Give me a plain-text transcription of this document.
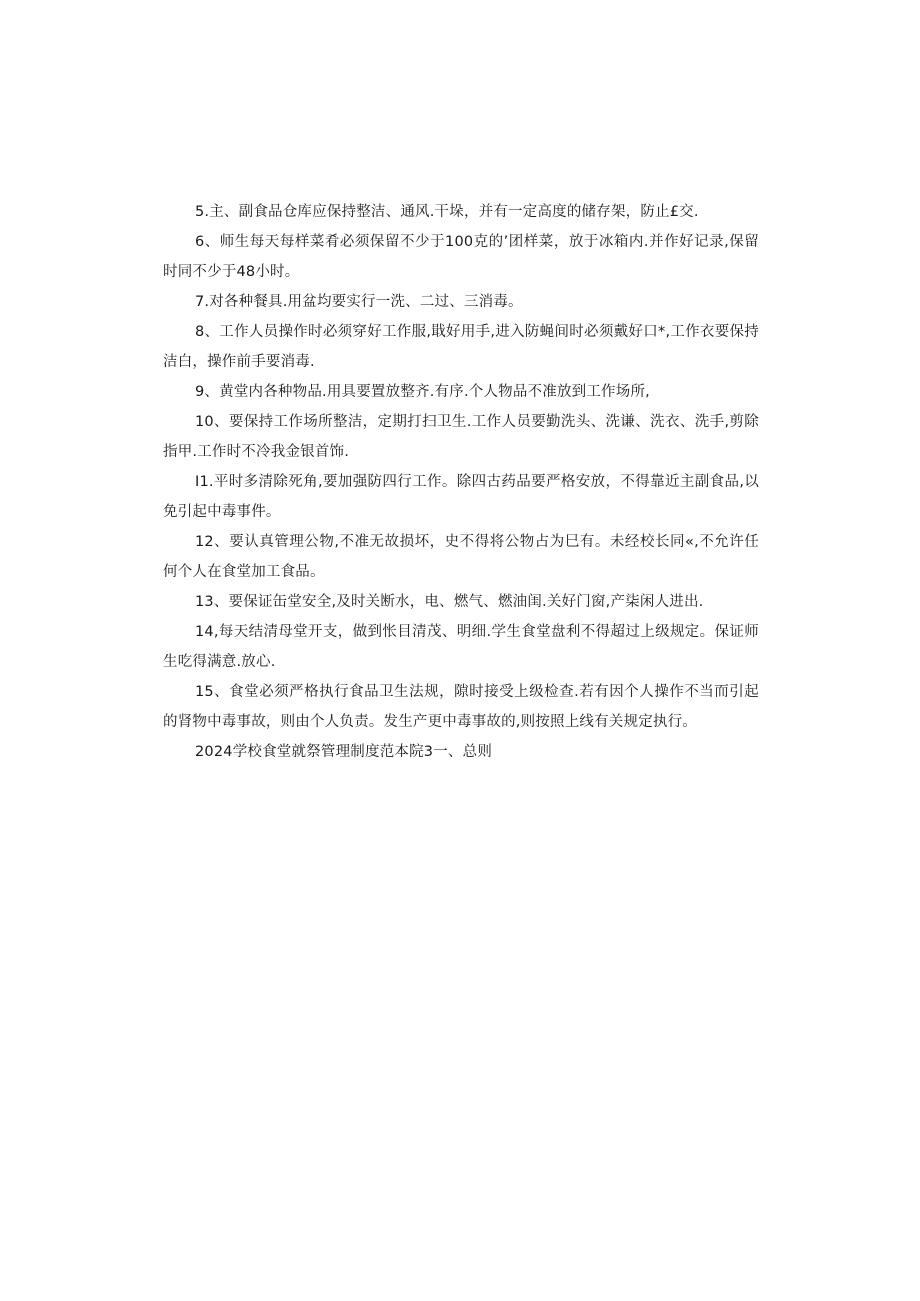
5.主、副食品仓库应保持整洁、通风.干垛，并有一定高度的储存架，防止£交.

6、师生每天每样菜肴必须保留不少于100克的’团样菜，放于冰箱内.并作好记录,保留时同不少于48小时。

7.对各种餐具.用盆均要实行一洗、二过、三消毒。

8、工作人员操作时必须穿好工作服,戢好用手,进入防蝇间时必须戴好口*,工作衣要保持洁白，操作前手要消毒.

9、黄堂内各种物品.用具要置放整齐.有序.个人物品不准放到工作场所,

10、要保持工作场所整洁，定期打扫卫生.工作人员要勤洗头、洗谦、洗衣、洗手,剪除指甲.工作时不冷我金银首饰.

I1.平时多清除死角,要加强防四行工作。除四古药品要严格安放，不得靠近主副食品,以免引起中毒事件。

12、要认真管理公物,不准无故损坏，史不得将公物占为巳有。未经校长同«,不允许任何个人在食堂加工食品。

13、要保证缶堂安全,及时关断水，电、燃气、燃油闺.关好门窗,产柒闲人进出.

14,每天结清母堂开支，做到怅目清茂、明细.学生食堂盘利不得超过上级规定。保证师生吃得满意.放心.

15、食堂必须严格执行食品卫生法规，隙时接受上级检查.若有因个人操作不当而引起的肾物中毒事故，则由个人负责。发生产更中毒事故的,则按照上线有关规定执行。

2024学校食堂就祭管理制度范本院3一、总则
